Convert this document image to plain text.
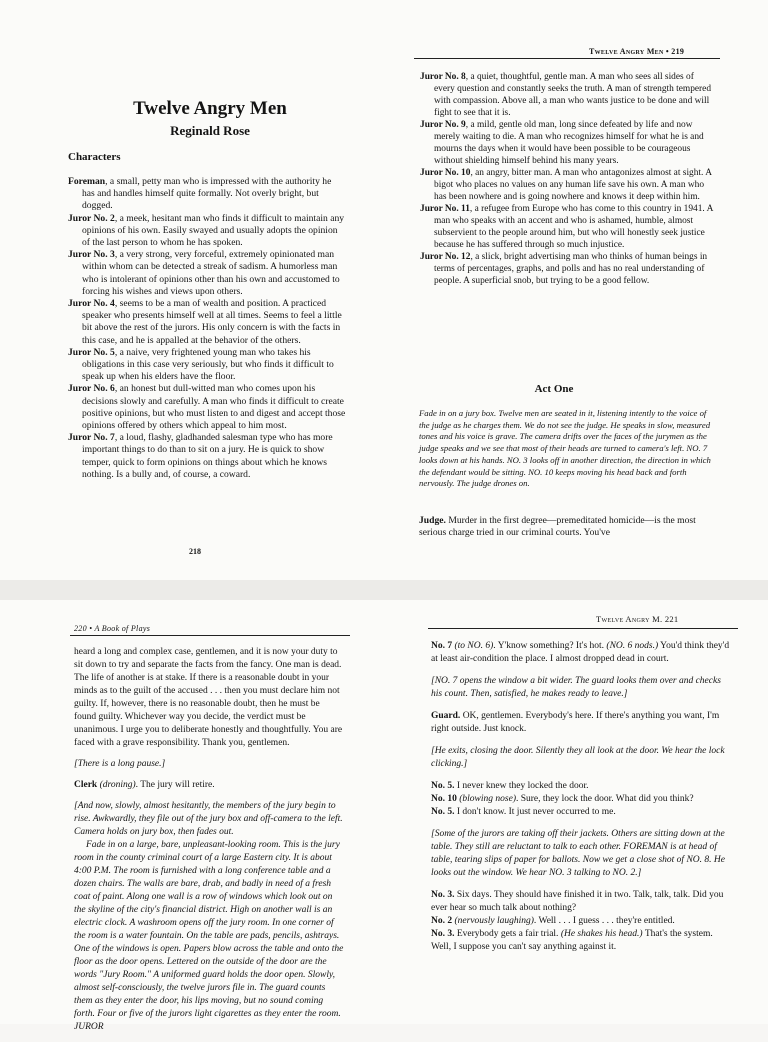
Twelve Angry Men
Reginald Rose
Characters
Foreman, a small, petty man who is impressed with the authority he has and handles himself quite formally. Not overly bright, but dogged.
Juror No. 2, a meek, hesitant man who finds it difficult to maintain any opinions of his own. Easily swayed and usually adopts the opinion of the last person to whom he has spoken.
Juror No. 3, a very strong, very forceful, extremely opinionated man within whom can be detected a streak of sadism. A humorless man who is intolerant of opinions other than his own and accustomed to forcing his wishes and views upon others.
Juror No. 4, seems to be a man of wealth and position. A practiced speaker who presents himself well at all times. Seems to feel a little bit above the rest of the jurors. His only concern is with the facts in this case, and he is appalled at the behavior of the others.
Juror No. 5, a naive, very frightened young man who takes his obligations in this case very seriously, but who finds it difficult to speak up when his elders have the floor.
Juror No. 6, an honest but dull-witted man who comes upon his decisions slowly and carefully. A man who finds it difficult to create positive opinions, but who must listen to and digest and accept those opinions offered by others which appeal to him most.
Juror No. 7, a loud, flashy, gladhanded salesman type who has more important things to do than to sit on a jury. He is quick to show temper, quick to form opinions on things about which he knows nothing. Is a bully and, of course, a coward.
218
Twelve Angry Men • 219
Juror No. 8, a quiet, thoughtful, gentle man. A man who sees all sides of every question and constantly seeks the truth. A man of strength tempered with compassion. Above all, a man who wants justice to be done and will fight to see that it is.
Juror No. 9, a mild, gentle old man, long since defeated by life and now merely waiting to die. A man who recognizes himself for what he is and mourns the days when it would have been possible to be courageous without shielding himself behind his many years.
Juror No. 10, an angry, bitter man. A man who antagonizes almost at sight. A bigot who places no values on any human life save his own. A man who has been nowhere and is going nowhere and knows it deep within him.
Juror No. 11, a refugee from Europe who has come to this country in 1941. A man who speaks with an accent and who is ashamed, humble, almost subservient to the people around him, but who will honestly seek justice because he has suffered through so much injustice.
Juror No. 12, a slick, bright advertising man who thinks of human beings in terms of percentages, graphs, and polls and has no real understanding of people. A superficial snob, but trying to be a good fellow.
Act One
Fade in on a jury box. Twelve men are seated in it, listening intently to the voice of the judge as he charges them. We do not see the judge. He speaks in slow, measured tones and his voice is grave. The camera drifts over the faces of the jurymen as the judge speaks and we see that most of their heads are turned to camera's left. NO. 7 looks down at his hands. NO. 3 looks off in another direction, the direction in which the defendant would be sitting. NO. 10 keeps moving his head back and forth nervously. The judge drones on.
Judge. Murder in the first degree—premeditated homicide—is the most serious charge tried in our criminal courts. You've
220 • A Book of Plays

heard a long and complex case, gentlemen, and it is now your duty to sit down to try and separate the facts from the fancy. One man is dead. The life of another is at stake. If there is a reasonable doubt in your minds as to the guilt of the accused . . . then you must declare him not guilty. If, however, there is no reasonable doubt, then he must be found guilty. Whichever way you decide, the verdict must be unanimous. I urge you to deliberate honestly and thoughtfully. You are faced with a grave responsibility. Thank you, gentlemen.

[There is a long pause.]

Clerk (droning). The jury will retire.

[And now, slowly, almost hesitantly, the members of the jury begin to rise. Awkwardly, they file out of the jury box and off-camera to the left. Camera holds on jury box, then fades out.

Fade in on a large, bare, unpleasant-looking room. This is the jury room in the county criminal court of a large Eastern city. It is about 4:00 P.M. The room is furnished with a long conference table and a dozen chairs. The walls are bare, drab, and badly in need of a fresh coat of paint. Along one wall is a row of windows which look out on the skyline of the city's financial district. High on another wall is an electric clock. A washroom opens off the jury room. In one corner of the room is a water fountain. On the table are pads, pencils, ashtrays. One of the windows is open. Papers blow across the table and onto the floor as the door opens. Lettered on the outside of the door are the words "Jury Room." A uniformed guard holds the door open. Slowly, almost self-consciously, the twelve jurors file in. The guard counts them as they enter the door, his lips moving, but no sound coming forth. Four or five of the jurors light cigarettes as they enter the room. JUROR

Twelve Angry M. 221

No. 7 (to NO. 6). Y'know something? It's hot. (NO. 6 nods.) You'd think they'd at least air-condition the place. I almost dropped dead in court.

[NO. 7 opens the window a bit wider. The guard looks them over and checks his count. Then, satisfied, he makes ready to leave.]

Guard. OK, gentlemen. Everybody's here. If there's anything you want, I'm right outside. Just knock.

[He exits, closing the door. Silently they all look at the door. We hear the lock clicking.]

No. 5. I never knew they locked the door.

No. 10 (blowing nose). Sure, they lock the door. What did you think?

No. 5. I don't know. It just never occurred to me.

[Some of the jurors are taking off their jackets. Others are sitting down at the table. They still are reluctant to talk to each other. FOREMAN is at head of table, tearing slips of paper for ballots. Now we get a close shot of NO. 8. He looks out the window. We hear NO. 3 talking to NO. 2.]

No. 3. Six days. They should have finished it in two. Talk, talk, talk. Did you ever hear so much talk about nothing?

No. 2 (nervously laughing). Well . . . I guess . . . they're entitled.

No. 3. Everybody gets a fair trial. (He shakes his head.) That's the system. Well, I suppose you can't say anything against it.
